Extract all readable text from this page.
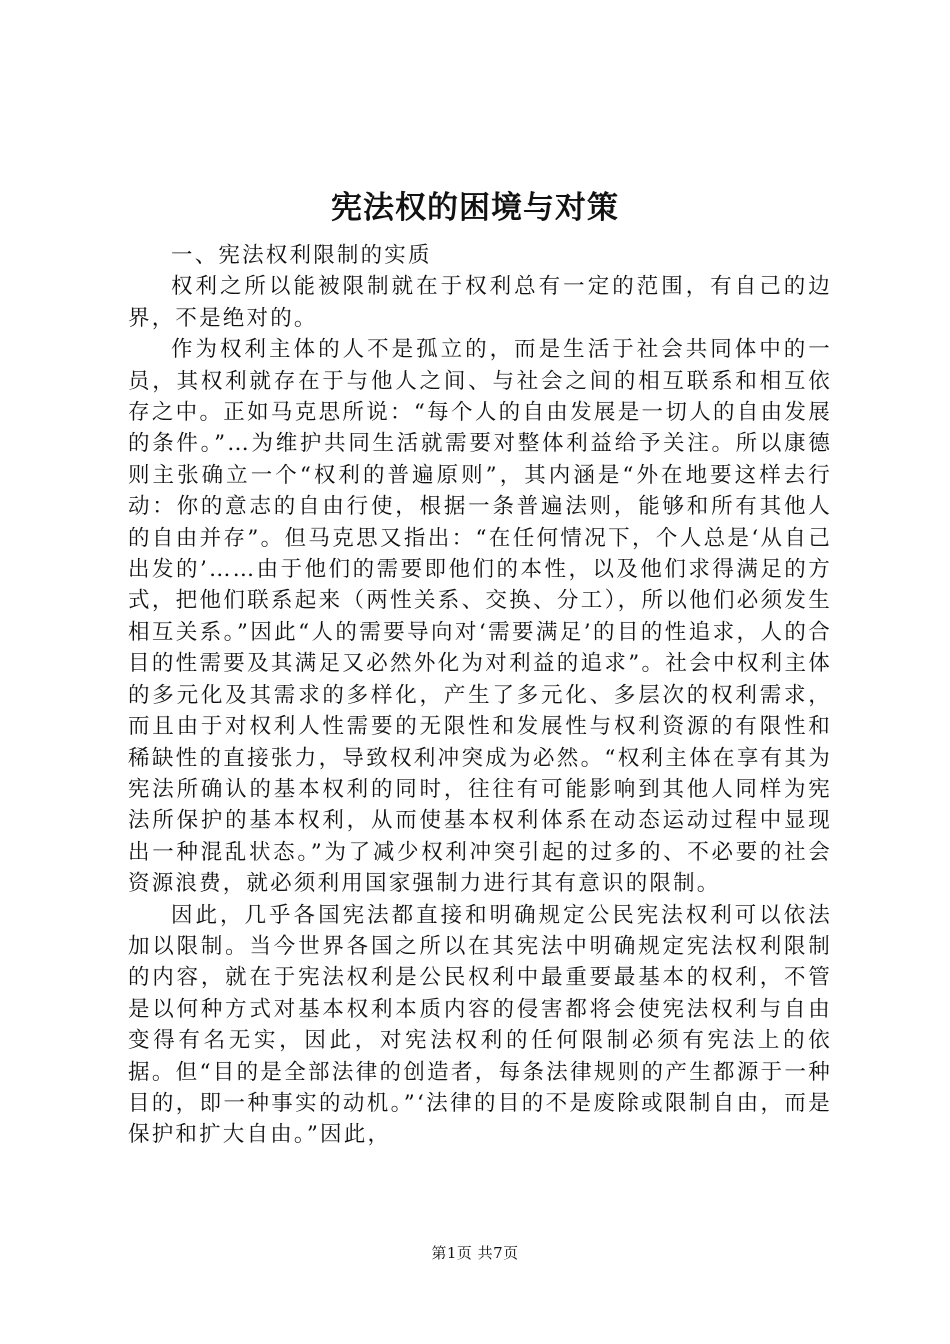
宪法权的困境与对策

一、宪法权利限制的实质

权利之所以能被限制就在于权利总有一定的范围，有自己的边界，不是绝对的。

作为权利主体的人不是孤立的，而是生活于社会共同体中的一员，其权利就存在于与他人之间、与社会之间的相互联系和相互依存之中。正如马克思所说：“每个人的自由发展是一切人的自由发展的条件。”…为维护共同生活就需要对整体利益给予关注。所以康德则主张确立一个“权利的普遍原则”，其内涵是“外在地要这样去行动：你的意志的自由行使，根据一条普遍法则，能够和所有其他人的自由并存”。但马克思又指出：“在任何情况下，个人总是‘从自己出发的’……由于他们的需要即他们的本性，以及他们求得满足的方式，把他们联系起来（两性关系、交换、分工），所以他们必须发生相互关系。”因此“人的需要导向对‘需要满足’的目的性追求，人的合目的性需要及其满足又必然外化为对利益的追求”。社会中权利主体的多元化及其需求的多样化，产生了多元化、多层次的权利需求，而且由于对权利人性需要的无限性和发展性与权利资源的有限性和稀缺性的直接张力，导致权利冲突成为必然。“权利主体在享有其为宪法所确认的基本权利的同时，往往有可能影响到其他人同样为宪法所保护的基本权利，从而使基本权利体系在动态运动过程中显现出一种混乱状态。”为了减少权利冲突引起的过多的、不必要的社会资源浪费，就必须利用国家强制力进行其有意识的限制。

因此，几乎各国宪法都直接和明确规定公民宪法权利可以依法加以限制。当今世界各国之所以在其宪法中明确规定宪法权利限制的内容，就在于宪法权利是公民权利中最重要最基本的权利，不管是以何种方式对基本权利本质内容的侵害都将会使宪法权利与自由变得有名无实，因此，对宪法权利的任何限制必须有宪法上的依据。但“目的是全部法律的创造者，每条法律规则的产生都源于一种目的，即一种事实的动机。”‘法律的目的不是废除或限制自由，而是保护和扩大自由。”因此，

第1页 共7页
